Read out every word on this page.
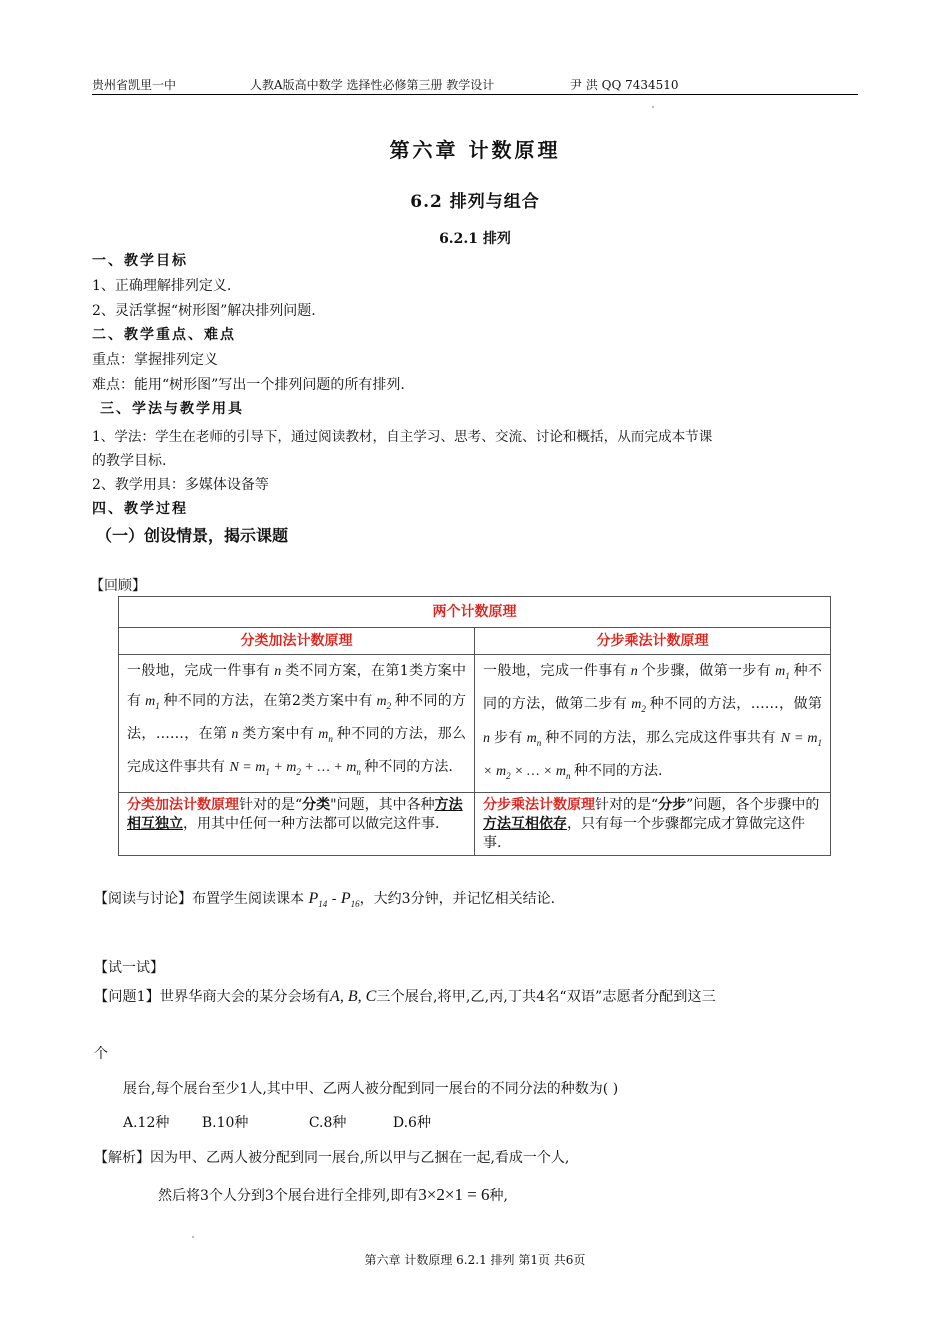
贵州省凯里一中	人教A版高中数学 选择性必修第三册 教学设计	尹 洪 QQ 7434510
第六章 计数原理
6.2 排列与组合
6.2.1 排列
一、教学目标
1、正确理解排列定义.
2、灵活掌握“树形图”解决排列问题.
二、教学重点、难点
重点：掌握排列定义
难点：能用“树形图”写出一个排列问题的所有排列.
三、学法与教学用具
1、学法：学生在老师的引导下，通过阅读教材，自主学习、思考、交流、讨论和概括，从而完成本节课
的教学目标.
2、教学用具：多媒体设备等
四、教学过程
（一）创设情景，揭示课题
【回顾】
两个计数原理	
分类加法计数原理	分步乘法计数原理
一般地，完成一件事有 n 类不同方案，在第1类方案中有 $m_1$ 种不同的方法，在第2类方案中有 $m_2$ 种不同的方法，……，在第 n 类方案中有 $m_n$ 种不同的方法，那么完成这件事共有 $N = m_1 + m_2$ + … + $m_n$ 种不同的方法.	一般地，完成一件事有 n 个步骤，做第一步有 $m_1$ 种不同的方法，做第二步有 $m_2$ 种不同的方法，……，做第 n 步有 $m_n$ 种不同的方法，那么完成这件事共有 $N = m_1 \times m_2$ × … × $m_n$ 种不同的方法.
分类加法计数原理针对的是“分类"问题，其中各种方法相互独立，用其中任何一种方法都可以做完这件事.	分步乘法计数原理针对的是“分步”问题，各个步骤中的方法互相依存，只有每一个步骤都完成才算做完这件事.
【阅读与讨论】布置学生阅读课本 $P_{14} - P_{16}$，大约3分钟，并记忆相关结论.
【试一试】
【问题1】世界华商大会的某分会场有A, B, C三个展台,将甲,乙,丙,丁共4名“双语”志愿者分配到这三
个
展台,每个展台至少1人,其中甲、乙两人被分配到同一展台的不同分法的种数为( )
A.12种 B.10种	C.8种	D.6种
【解析】因为甲、乙两人被分配到同一展台,所以甲与乙捆在一起,看成一个人,
然后将3个人分到3个展台进行全排列,即有3×2×1 = 6种,
第六章 计数原理 6.2.1 排列 第1页 共6页
